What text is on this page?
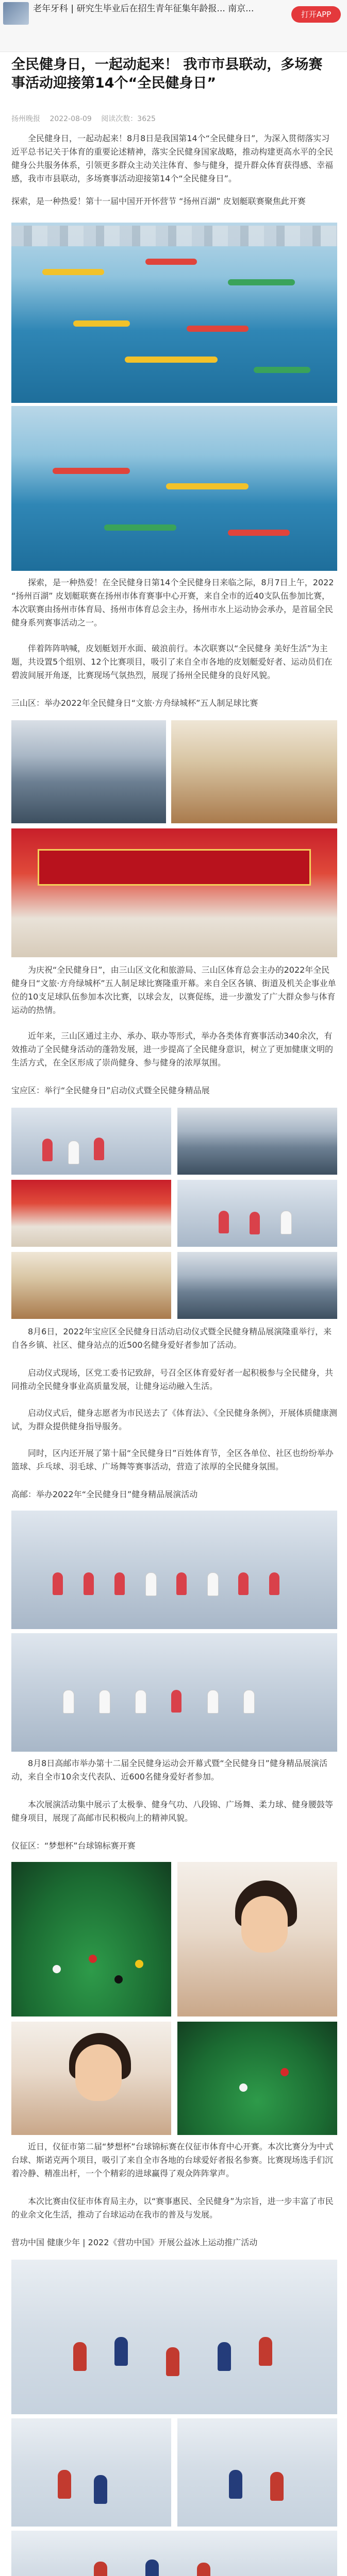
老年牙科 | 研究生毕业后在招生青年征集年龄报... 南京...
打开APP
全民健身日，一起动起来！ 我市市县联动，多场赛事活动迎接第14个“全民健身日”
扬州晚报 2022-08-09 阅读次数：3625

全民健身日，一起动起来！8月8日是我国第14个“全民健身日”，为深入贯彻落实习近平总书记关于体育的重要论述精神，落实全民健身国家战略，推动构建更高水平的全民健身公共服务体系，引领更多群众主动关注体育、参与健身，提升群众体育获得感、幸福感，我市市县联动，多场赛事活动迎接第14个“全民健身日”。

探索，是一种热爱！第十一届中国开开怀营节 “扬州百湖” 皮划艇联赛聚焦此开赛

探索，是一种热爱！在全民健身日第14个全民健身日来临之际，8月7日上午，2022 “扬州百湖” 皮划艇联赛在扬州市体育赛事中心开赛，来自全市的近40支队伍参加比赛，本次联赛由扬州市体育局、扬州市体育总会主办，扬州市水上运动协会承办，是首届全民健身系列赛事活动之一。

伴着阵阵呐喊，皮划艇划开水面、破浪前行。本次联赛以“全民健身 美好生活”为主题，共设置5个组别、12个比赛项目，吸引了来自全市各地的皮划艇爱好者、运动员们在碧波间展开角逐，比赛现场气氛热烈，展现了扬州全民健身的良好风貌。

三山区：举办2022年全民健身日“文旅·方舟绿城杯”五人制足球比赛

为庆祝“全民健身日”，由三山区文化和旅游局、三山区体育总会主办的2022年全民健身日“文旅·方舟绿城杯”五人制足球比赛隆重开幕。来自全区各镇、街道及机关企事业单位的10支足球队伍参加本次比赛，以球会友，以赛促练，进一步激发了广大群众参与体育运动的热情。

近年来，三山区通过主办、承办、联办等形式，举办各类体育赛事活动340余次，有效推动了全民健身活动的蓬勃发展，进一步提高了全民健身意识，树立了更加健康文明的生活方式，在全区形成了崇尚健身、参与健身的浓厚氛围。

宝应区：举行“全民健身日”启动仪式暨全民健身精品展

8月6日，2022年宝应区全民健身日活动启动仪式暨全民健身精品展演隆重举行，来自各乡镇、社区、健身站点的近500名健身爱好者参加了活动。

启动仪式现场，区党工委书记致辞，号召全区体育爱好者一起积极参与全民健身，共同推动全民健身事业高质量发展，让健身运动融入生活。

启动仪式后，健身志愿者为市民送去了《体育法》、《全民健身条例》，开展体质健康测试，为群众提供健身指导服务。

同时，区内还开展了第十届“全民健身日”百姓体育节，全区各单位、社区也纷纷举办篮球、乒乓球、羽毛球、广场舞等赛事活动，营造了浓厚的全民健身氛围。

高邮：举办2022年“全民健身日”健身精品展演活动

8月8日高邮市举办第十二届全民健身运动会开幕式暨“全民健身日”健身精品展演活动，来自全市10余支代表队、近600名健身爱好者参加。

本次展演活动集中展示了太极拳、健身气功、八段锦、广场舞、柔力球、健身腰鼓等健身项目，展现了高邮市民积极向上的精神风貌。

仪征区：“梦想杯”台球锦标赛开赛

近日，仪征市第二届“梦想杯”台球锦标赛在仪征市体育中心开赛。本次比赛分为中式台球、斯诺克两个项目，吸引了来自全市各地的台球爱好者报名参赛。比赛现场选手们沉着冷静、精准出杆，一个个精彩的进球赢得了观众阵阵掌声。

本次比赛由仪征市体育局主办，以“赛事惠民、全民健身”为宗旨，进一步丰富了市民的业余文化生活，推动了台球运动在我市的普及与发展。

营功中国 健康少年 | 2022《营功中国》开展公益冰上运动推广活动
